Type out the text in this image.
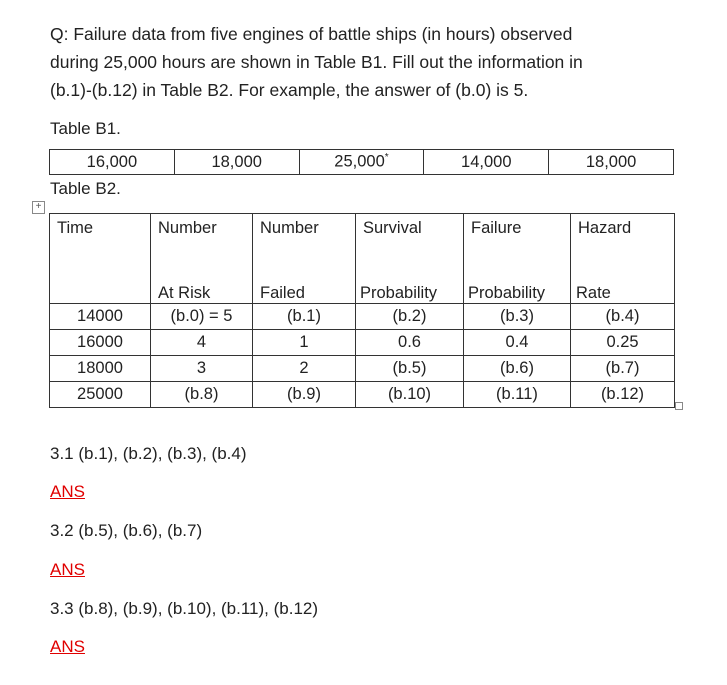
Q: Failure data from five engines of battle ships (in hours) observed
during 25,000 hours are shown in Table B1. Fill out the information in
(b.1)-(b.12) in Table B2. For example, the answer of (b.0) is 5.
Table B1.
16,000	18,000	25,000*	14,000	18,000
Table B2.
+
Time	Number	Number	Survival	Failure	Hazard
	At Risk	Failed	Probability	Probability	Rate
14000	(b.0) = 5	(b.1)	(b.2)	(b.3)	(b.4)
16000	4	1	0.6	0.4	0.25
18000	3	2	(b.5)	(b.6)	(b.7)
25000	(b.8)	(b.9)	(b.10)	(b.11)	(b.12)
3.1 (b.1), (b.2), (b.3), (b.4)
ANS
3.2 (b.5), (b.6), (b.7)
ANS
3.3 (b.8), (b.9), (b.10), (b.11), (b.12)
ANS
